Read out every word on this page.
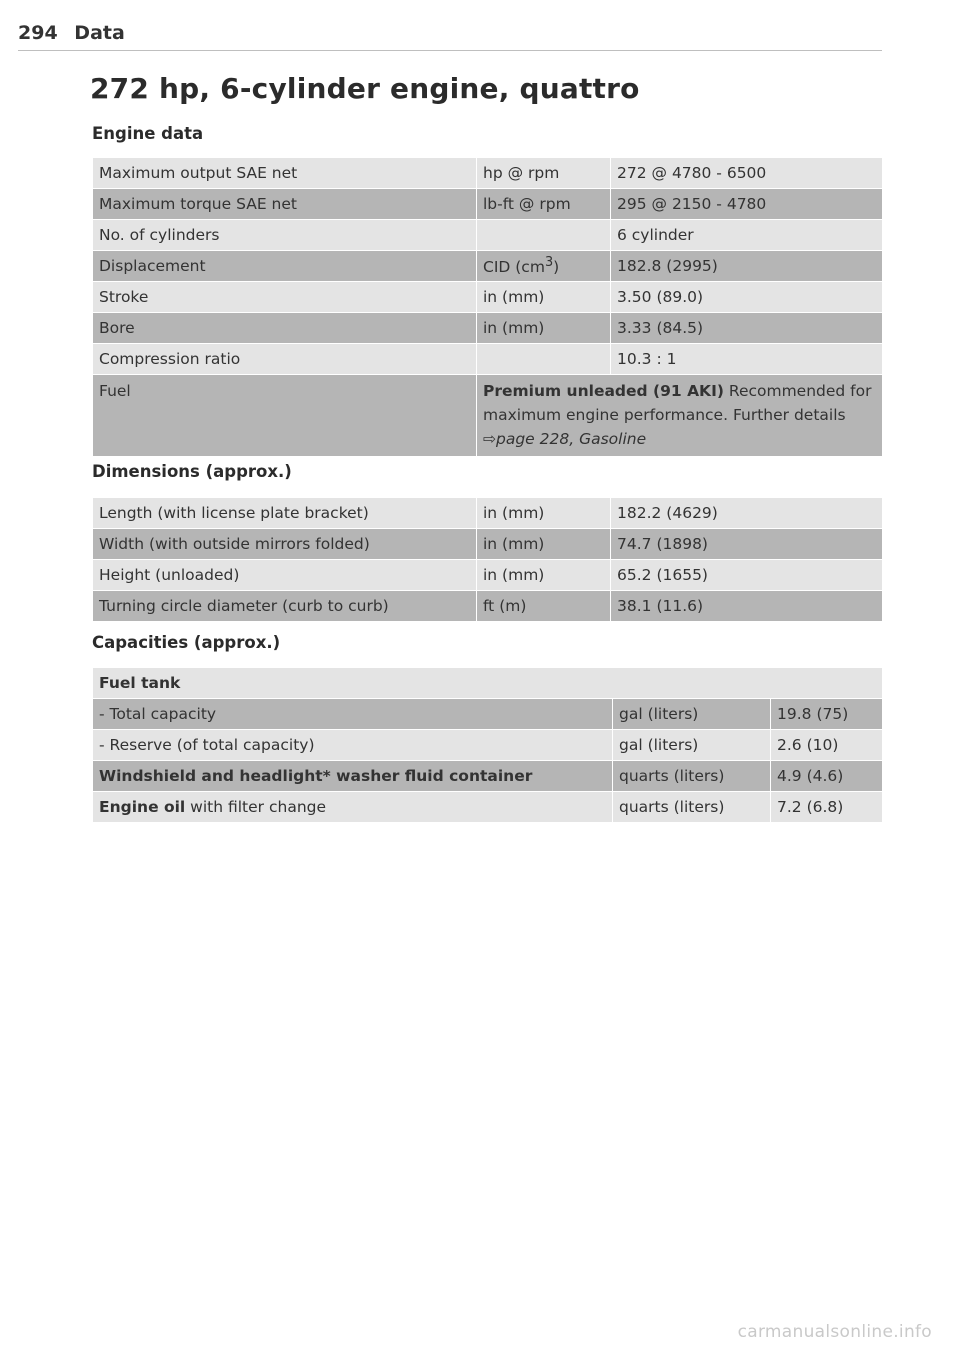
294 Data
272 hp, 6-cylinder engine, quattro
Engine data
Maximum output SAE net	hp @ rpm	272 @ 4780 - 6500
Maximum torque SAE net	lb-ft @ rpm	295 @ 2150 - 4780
No. of cylinders		6 cylinder
Displacement	CID $(cm^3)$	182.8 (2995)
Stroke	in (mm)	3.50 (89.0)
Bore	in (mm)	3.33 (84.5)
Compression ratio		10.3 : 1
Fuel	Premium unleaded (91 AKI) Recommended for maximum engine performance. Further details ⇨page 228, Gasoline	
Dimensions (approx.)
Length (with license plate bracket)	in (mm)	182.2 (4629)
Width (with outside mirrors folded)	in (mm)	74.7 (1898)
Height (unloaded)	in (mm)	65.2 (1655)
Turning circle diameter (curb to curb)	ft (m)	38.1 (11.6)
Capacities (approx.)
Fuel tank		
- Total capacity	gal (liters)	19.8 (75)
- Reserve (of total capacity)	gal (liters)	2.6 (10)
Windshield and headlight* washer fluid container	quarts (liters)	4.9 (4.6)
Engine oil with filter change	quarts (liters)	7.2 (6.8)
carmanualsonline.info
